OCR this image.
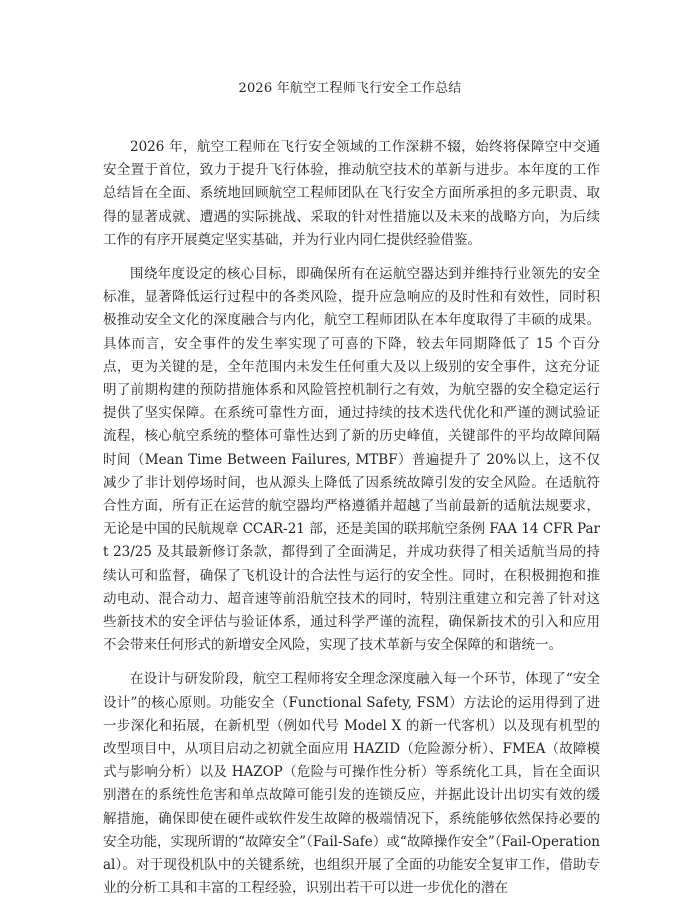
2026 年航空工程师飞行安全工作总结

2026 年，航空工程师在飞行安全领域的工作深耕不辍，始终将保障空中交通安全置于首位，致力于提升飞行体验，推动航空技术的革新与进步。本年度的工作总结旨在全面、系统地回顾航空工程师团队在飞行安全方面所承担的多元职责、取得的显著成就、遭遇的实际挑战、采取的针对性措施以及未来的战略方向，为后续工作的有序开展奠定坚实基础，并为行业内同仁提供经验借鉴。

围绕年度设定的核心目标，即确保所有在运航空器达到并维持行业领先的安全标准，显著降低运行过程中的各类风险，提升应急响应的及时性和有效性，同时积极推动安全文化的深度融合与内化，航空工程师团队在本年度取得了丰硕的成果。具体而言，安全事件的发生率实现了可喜的下降，较去年同期降低了 15 个百分点，更为关键的是，全年范围内未发生任何重大及以上级别的安全事件，这充分证明了前期构建的预防措施体系和风险管控机制行之有效，为航空器的安全稳定运行提供了坚实保障。在系统可靠性方面，通过持续的技术迭代优化和严谨的测试验证流程，核心航空系统的整体可靠性达到了新的历史峰值，关键部件的平均故障间隔时间（Mean Time Between Failures, MTBF）普遍提升了 20%以上，这不仅减少了非计划停场时间，也从源头上降低了因系统故障引发的安全风险。在适航符合性方面，所有正在运营的航空器均严格遵循并超越了当前最新的适航法规要求，无论是中国的民航规章 CCAR-21 部，还是美国的联邦航空条例 FAA 14 CFR Part 23/25 及其最新修订条款，都得到了全面满足，并成功获得了相关适航当局的持续认可和监督，确保了飞机设计的合法性与运行的安全性。同时，在积极拥抱和推动电动、混合动力、超音速等前沿航空技术的同时，特别注重建立和完善了针对这些新技术的安全评估与验证体系，通过科学严谨的流程，确保新技术的引入和应用不会带来任何形式的新增安全风险，实现了技术革新与安全保障的和谐统一。

在设计与研发阶段，航空工程师将安全理念深度融入每一个环节，体现了“安全设计”的核心原则。功能安全（Functional Safety, FSM）方法论的运用得到了进一步深化和拓展，在新机型（例如代号 Model X 的新一代客机）以及现有机型的改型项目中，从项目启动之初就全面应用 HAZID（危险源分析）、FMEA（故障模式与影响分析）以及 HAZOP（危险与可操作性分析）等系统化工具，旨在全面识别潜在的系统性危害和单点故障可能引发的连锁反应，并据此设计出切实有效的缓解措施，确保即使在硬件或软件发生故障的极端情况下，系统能够依然保持必要的安全功能，实现所谓的“故障安全”（Fail-Safe）或“故障操作安全”（Fail-Operational）。对于现役机队中的关键系统，也组织开展了全面的功能安全复审工作，借助专业的分析工具和丰富的工程经验，识别出若干可以进一步优化的潜在
